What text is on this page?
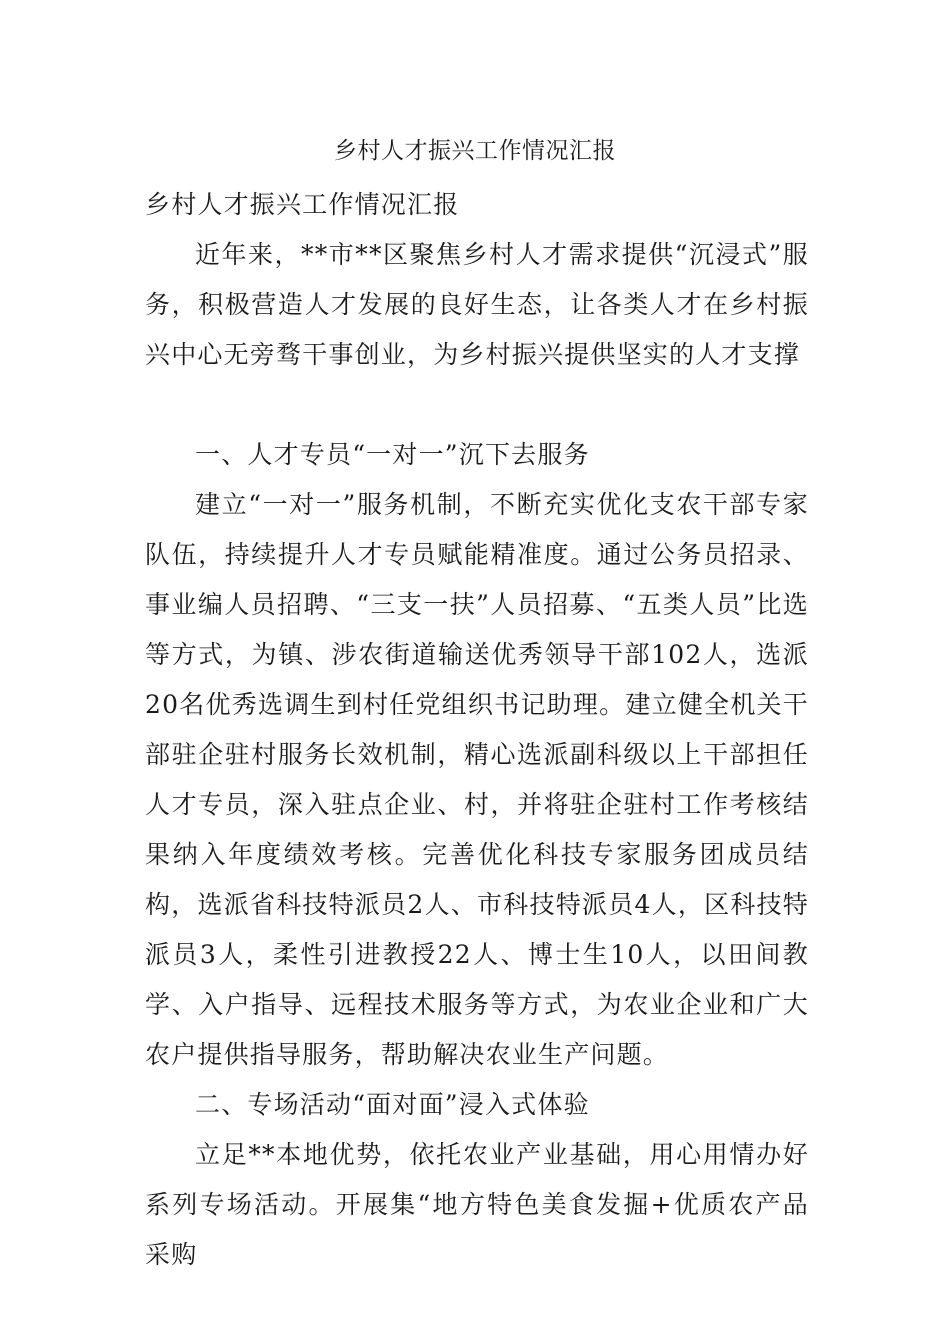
乡村人才振兴工作情况汇报

乡村人才振兴工作情况汇报

近年来，**市**区聚焦乡村人才需求提供“沉浸式”服务，积极营造人才发展的良好生态，让各类人才在乡村振兴中心无旁骛干事创业，为乡村振兴提供坚实的人才支撑

一、人才专员“一对一”沉下去服务

建立“一对一”服务机制，不断充实优化支农干部专家队伍，持续提升人才专员赋能精准度。通过公务员招录、事业编人员招聘、“三支一扶”人员招募、“五类人员”比选等方式，为镇、涉农街道输送优秀领导干部102人，选派20名优秀选调生到村任党组织书记助理。建立健全机关干部驻企驻村服务长效机制，精心选派副科级以上干部担任人才专员，深入驻点企业、村，并将驻企驻村工作考核结果纳入年度绩效考核。完善优化科技专家服务团成员结构，选派省科技特派员2人、市科技特派员4人，区科技特派员3人，柔性引进教授22人、博士生10人，以田间教学、入户指导、远程技术服务等方式，为农业企业和广大农户提供指导服务，帮助解决农业生产问题。

二、专场活动“面对面”浸入式体验

立足**本地优势，依托农业产业基础，用心用情办好系列专场活动。开展集“地方特色美食发掘+优质农产品采购
